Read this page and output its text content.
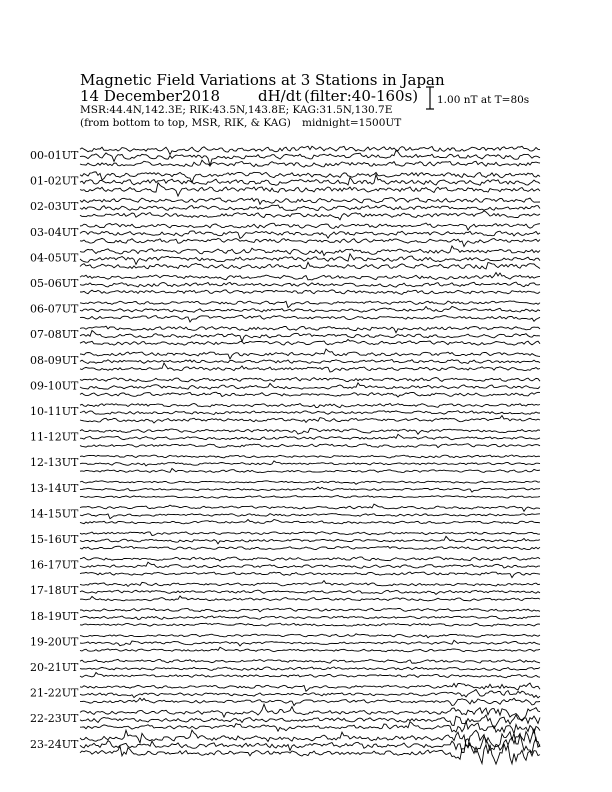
Magnetic Field Variations at 3 Stations in Japan
14 December2018	dH/dt (filter:40-160s)
MSR:44.4N,142.3E; RIK:43.5N,143.8E; KAG:31.5N,130.7E
(from bottom to top, MSR, RIK, & KAG) midnight=1500UT
1.00 nT at T=80s
00-01UT
01-02UT
02-03UT
03-04UT
04-05UT
05-06UT
06-07UT
07-08UT
08-09UT
09-10UT
10-11UT
11-12UT
12-13UT
13-14UT
14-15UT
15-16UT
16-17UT
17-18UT
18-19UT
19-20UT
20-21UT
21-22UT
22-23UT
23-24UT
